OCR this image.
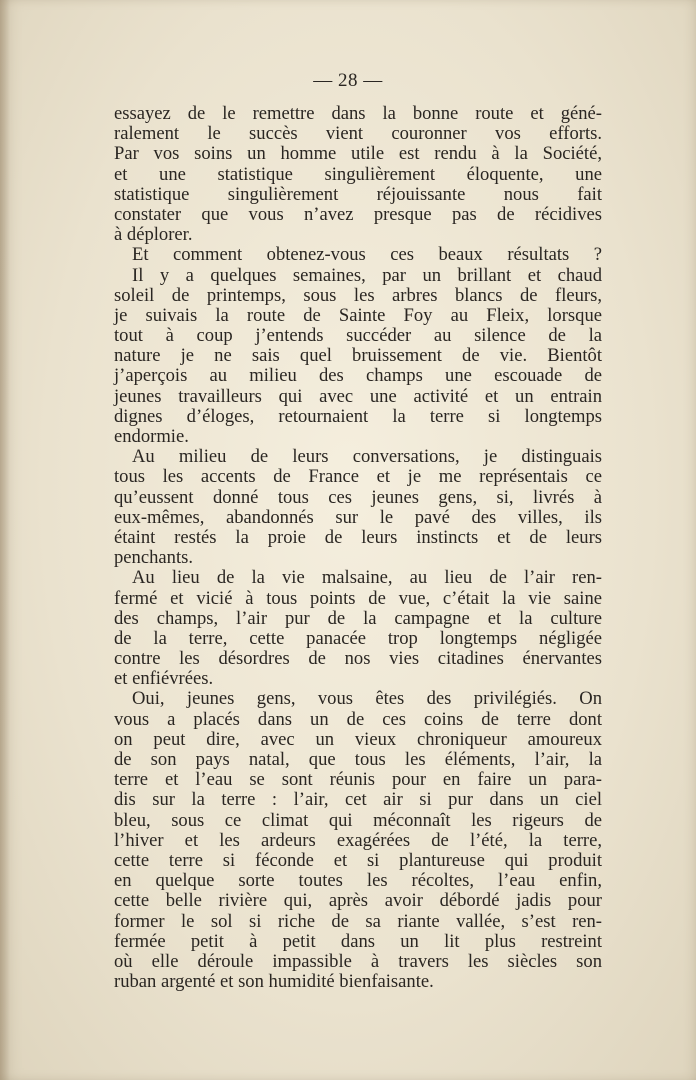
— 28 —
essayez de le remettre dans la bonne route et géné-
ralement le succès vient couronner vos efforts.
Par vos soins un homme utile est rendu à la Société,
et une statistique singulièrement éloquente, une
statistique singulièrement réjouissante nous fait
constater que vous n’avez presque pas de récidives
à déplorer.
Et comment obtenez-vous ces beaux résultats ?
Il y a quelques semaines, par un brillant et chaud
soleil de printemps, sous les arbres blancs de fleurs,
je suivais la route de Sainte Foy au Fleix, lorsque
tout à coup j’entends succéder au silence de la
nature je ne sais quel bruissement de vie. Bientôt
j’aperçois au milieu des champs une escouade de
jeunes travailleurs qui avec une activité et un entrain
dignes d’éloges, retournaient la terre si longtemps
endormie.
Au milieu de leurs conversations, je distinguais
tous les accents de France et je me représentais ce
qu’eussent donné tous ces jeunes gens, si, livrés à
eux-mêmes, abandonnés sur le pavé des villes, ils
étaint restés la proie de leurs instincts et de leurs
penchants.
Au lieu de la vie malsaine, au lieu de l’air ren-
fermé et vicié à tous points de vue, c’était la vie saine
des champs, l’air pur de la campagne et la culture
de la terre, cette panacée trop longtemps négligée
contre les désordres de nos vies citadines énervantes
et enfiévrées.
Oui, jeunes gens, vous êtes des privilégiés. On
vous a placés dans un de ces coins de terre dont
on peut dire, avec un vieux chroniqueur amoureux
de son pays natal, que tous les éléments, l’air, la
terre et l’eau se sont réunis pour en faire un para-
dis sur la terre : l’air, cet air si pur dans un ciel
bleu, sous ce climat qui méconnaît les rigeurs de
l’hiver et les ardeurs exagérées de l’été, la terre,
cette terre si féconde et si plantureuse qui produit
en quelque sorte toutes les récoltes, l’eau enfin,
cette belle rivière qui, après avoir débordé jadis pour
former le sol si riche de sa riante vallée, s’est ren-
fermée petit à petit dans un lit plus restreint
où elle déroule impassible à travers les siècles son
ruban argenté et son humidité bienfaisante.
